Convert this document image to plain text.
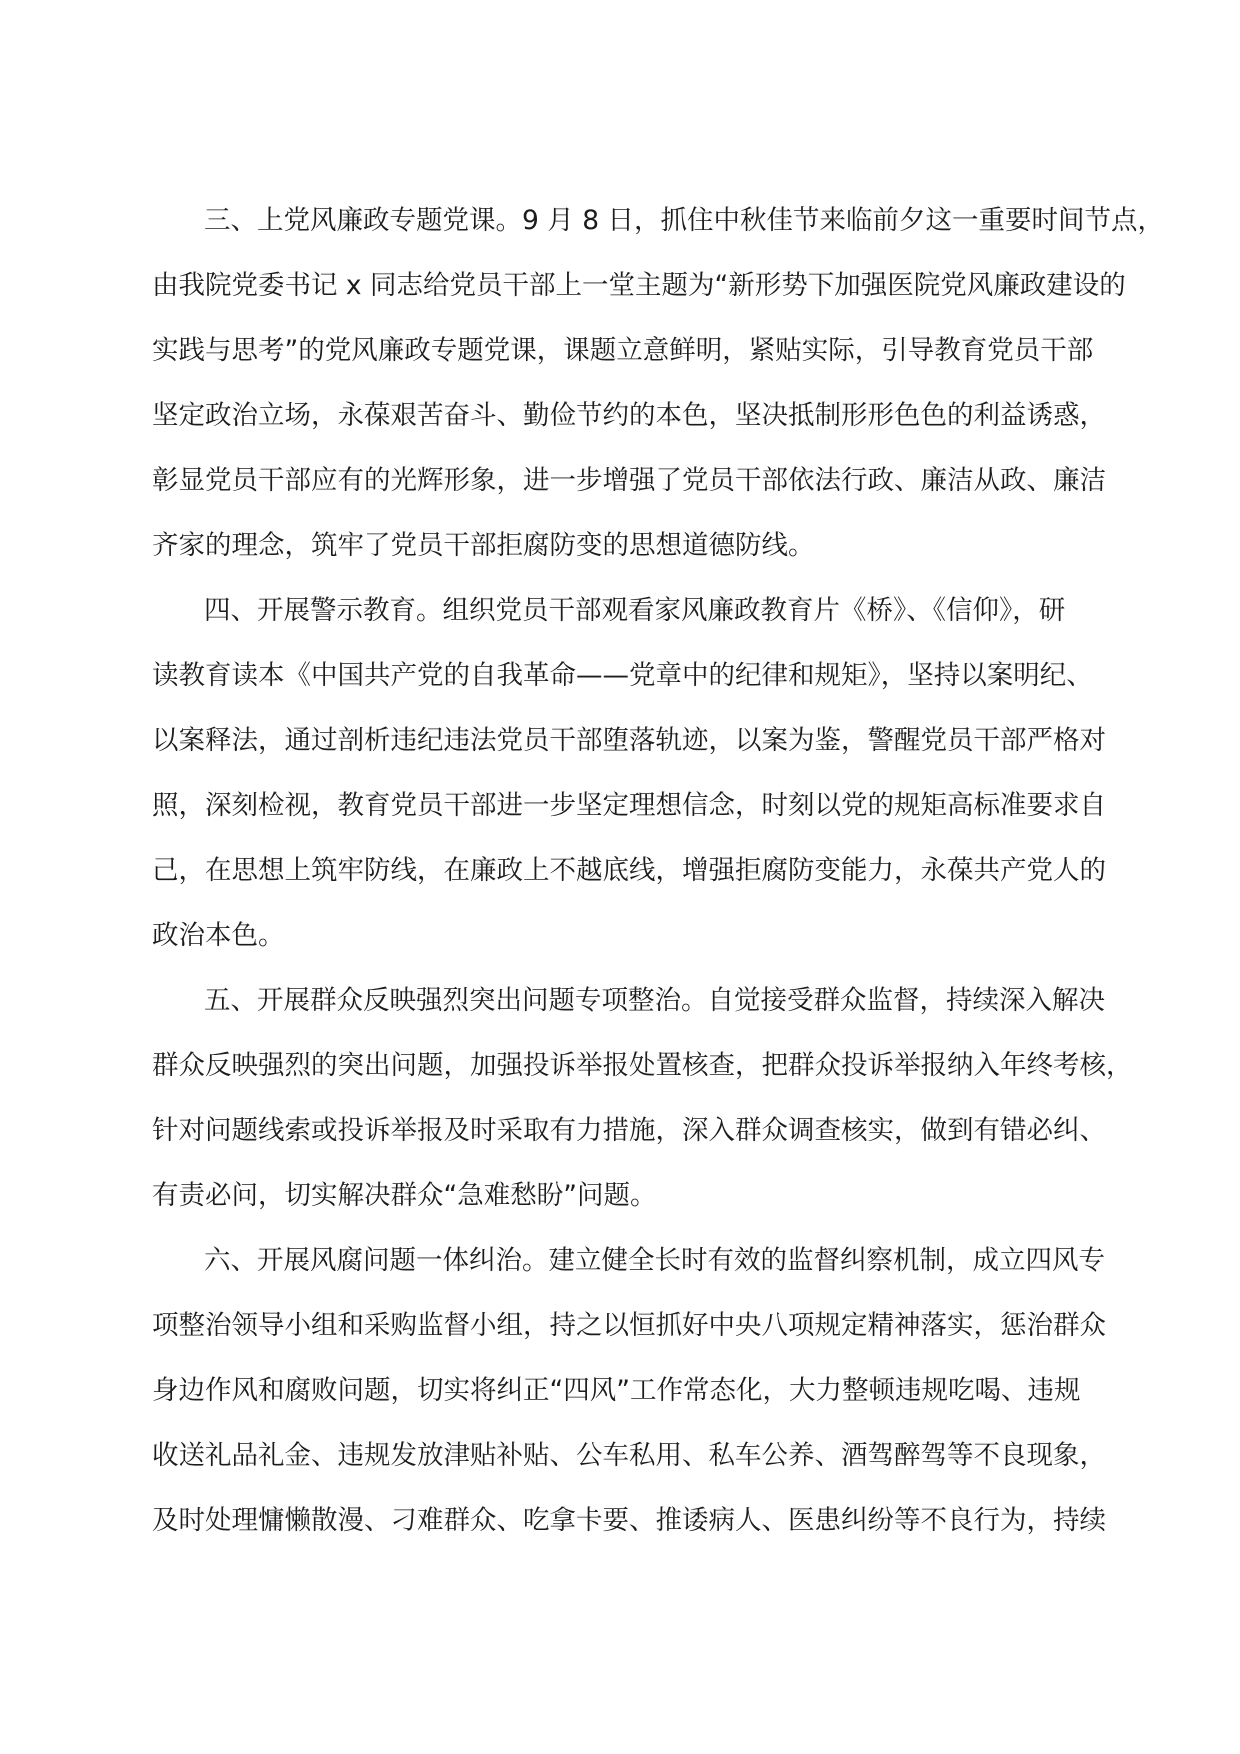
三、上党风廉政专题党课。9 月 8 日，抓住中秋佳节来临前夕这一重要时间节点，
由我院党委书记 x 同志给党员干部上一堂主题为“新形势下加强医院党风廉政建设的
实践与思考”的党风廉政专题党课，课题立意鲜明，紧贴实际，引导教育党员干部
坚定政治立场，永葆艰苦奋斗、勤俭节约的本色，坚决抵制形形色色的利益诱惑，
彰显党员干部应有的光辉形象，进一步增强了党员干部依法行政、廉洁从政、廉洁
齐家的理念，筑牢了党员干部拒腐防变的思想道德防线。
四、开展警示教育。组织党员干部观看家风廉政教育片《桥》、《信仰》，研
读教育读本《中国共产党的自我革命——党章中的纪律和规矩》，坚持以案明纪、
以案释法，通过剖析违纪违法党员干部堕落轨迹，以案为鉴，警醒党员干部严格对
照，深刻检视，教育党员干部进一步坚定理想信念，时刻以党的规矩高标准要求自
己，在思想上筑牢防线，在廉政上不越底线，增强拒腐防变能力，永葆共产党人的
政治本色。
五、开展群众反映强烈突出问题专项整治。自觉接受群众监督，持续深入解决
群众反映强烈的突出问题，加强投诉举报处置核查，把群众投诉举报纳入年终考核，
针对问题线索或投诉举报及时采取有力措施，深入群众调查核实，做到有错必纠、
有责必问，切实解决群众“急难愁盼”问题。
六、开展风腐问题一体纠治。建立健全长时有效的监督纠察机制，成立四风专
项整治领导小组和采购监督小组，持之以恒抓好中央八项规定精神落实，惩治群众
身边作风和腐败问题，切实将纠正“四风”工作常态化，大力整顿违规吃喝、违规
收送礼品礼金、违规发放津贴补贴、公车私用、私车公养、酒驾醉驾等不良现象，
及时处理慵懒散漫、刁难群众、吃拿卡要、推诿病人、医患纠纷等不良行为，持续
